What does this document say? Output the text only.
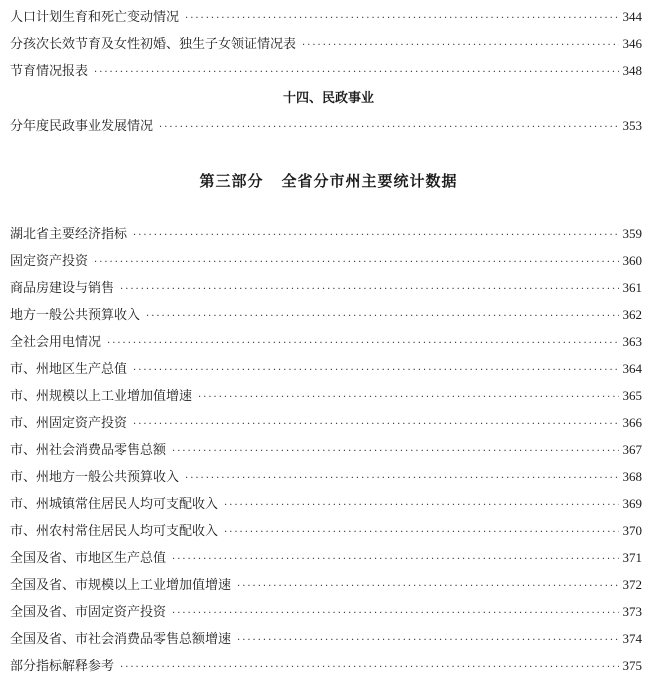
人口计划生育和死亡变动情况 ·····	344
分孩次长效节育及女性初婚、独生子女领证情况表 ·····	346
节育情况报表 ·····	348
十四、民政事业
分年度民政事业发展情况 ·····	353
第三部分 全省分市州主要统计数据
湖北省主要经济指标 ·····	359
固定资产投资 ·····	360
商品房建设与销售 ·····	361
地方一般公共预算收入 ·····	362
全社会用电情况 ·····	363
市、州地区生产总值 ·····	364
市、州规模以上工业增加值增速 ·····	365
市、州固定资产投资 ·····	366
市、州社会消费品零售总额 ·····	367
市、州地方一般公共预算收入 ·····	368
市、州城镇常住居民人均可支配收入 ·····	369
市、州农村常住居民人均可支配收入 ·····	370
全国及省、市地区生产总值 ·····	371
全国及省、市规模以上工业增加值增速 ·····	372
全国及省、市固定资产投资 ·····	373
全国及省、市社会消费品零售总额增速 ·····	374
部分指标解释参考 ·····	375
